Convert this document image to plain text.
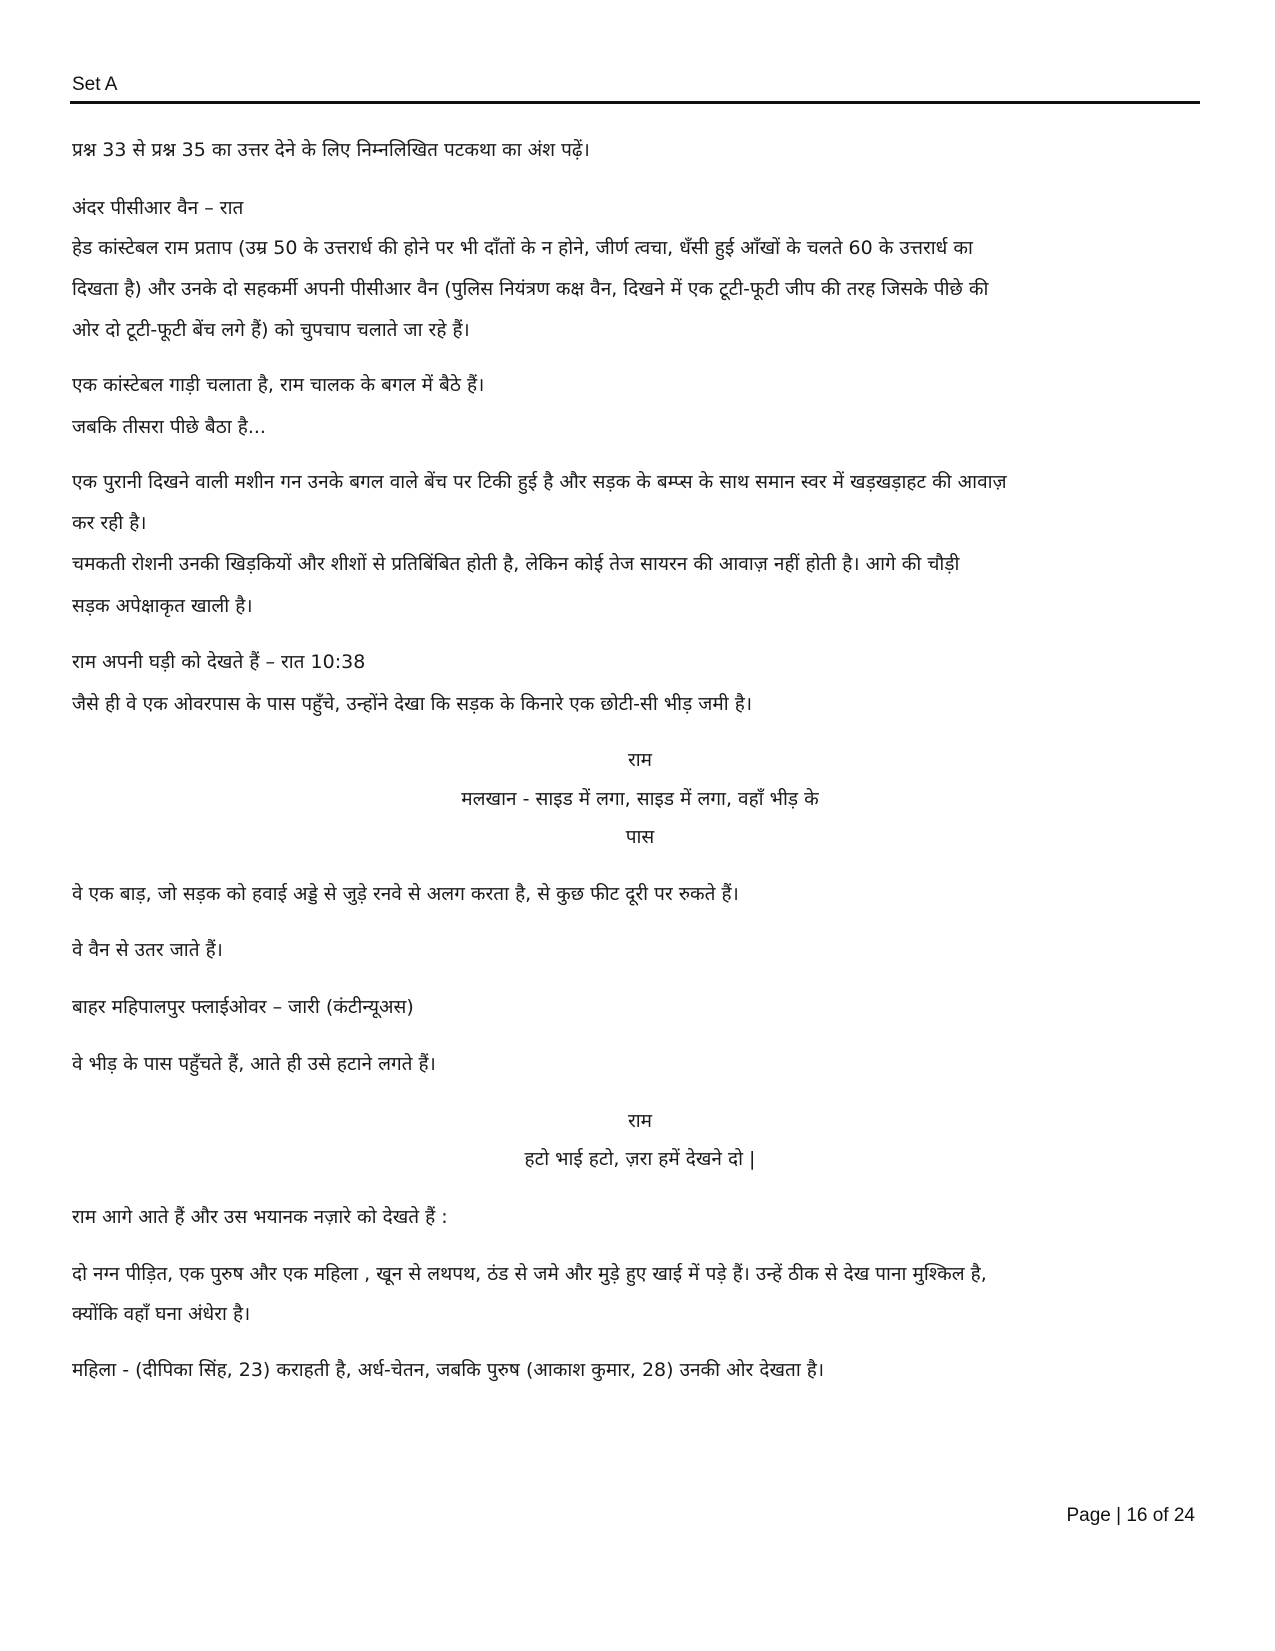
Set A
प्रश्न 33 से प्रश्न 35 का उत्तर देने के लिए निम्नलिखित पटकथा का अंश पढ़ें।
अंदर पीसीआर वैन – रात
हेड कांस्टेबल राम प्रताप (उम्र 50 के उत्तरार्ध की होने पर भी दाँतों के न होने, जीर्ण त्वचा, धँसी हुई आँखों के चलते 60 के उत्तरार्ध का
दिखता है) और उनके दो सहकर्मी अपनी पीसीआर वैन (पुलिस नियंत्रण कक्ष वैन, दिखने में एक टूटी-फूटी जीप की तरह जिसके पीछे की
ओर दो टूटी-फूटी बेंच लगे हैं) को चुपचाप चलाते जा रहे हैं।
एक कांस्टेबल गाड़ी चलाता है, राम चालक के बगल में बैठे हैं।
जबकि तीसरा पीछे बैठा है...
एक पुरानी दिखने वाली मशीन गन उनके बगल वाले बेंच पर टिकी हुई है और सड़क के बम्प्स के साथ समान स्वर में खड़खड़ाहट की आवाज़
कर रही है।
चमकती रोशनी उनकी खिड़कियों और शीशों से प्रतिबिंबित होती है, लेकिन कोई तेज सायरन की आवाज़ नहीं होती है। आगे की चौड़ी
सड़क अपेक्षाकृत खाली है।
राम अपनी घड़ी को देखते हैं – रात 10:38
जैसे ही वे एक ओवरपास के पास पहुँचे, उन्होंने देखा कि सड़क के किनारे एक छोटी-सी भीड़ जमी है।
राम
मलखान - साइड में लगा, साइड में लगा, वहाँ भीड़ के
पास
वे एक बाड़, जो सड़क को हवाई अड्डे से जुड़े रनवे से अलग करता है, से कुछ फीट दूरी पर रुकते हैं।
वे वैन से उतर जाते हैं।
बाहर महिपालपुर फ्लाईओवर – जारी (कंटीन्यूअस)
वे भीड़ के पास पहुँचते हैं, आते ही उसे हटाने लगते हैं।
राम
हटो भाई हटो, ज़रा हमें देखने दो |
राम आगे आते हैं और उस भयानक नज़ारे को देखते हैं :
दो नग्न पीड़ित, एक पुरुष और एक महिला , खून से लथपथ, ठंड से जमे और मुड़े हुए खाई में पड़े हैं। उन्हें ठीक से देख पाना मुश्किल है,
क्योंकि वहाँ घना अंधेरा है।
महिला - (दीपिका सिंह, 23) कराहती है, अर्ध-चेतन, जबकि पुरुष (आकाश कुमार, 28) उनकी ओर देखता है।
Page | 16 of 24
